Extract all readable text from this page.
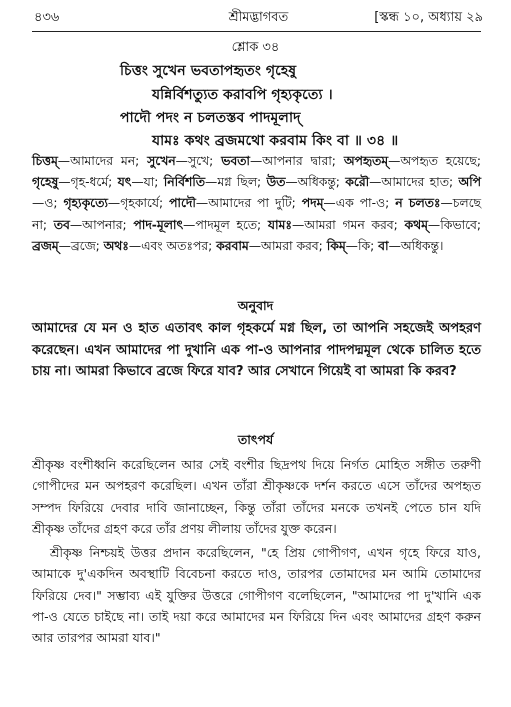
৪৩৬	শ্রীমদ্ভাগবত	[স্কন্ধ ১০, অধ্যায় ২৯
শ্লোক ৩৪
চিত্তং সুখেন ভবতাপহৃতং গৃহেষু
যন্নির্বিশত্যুত করাবপি গৃহ্যকৃত্যে ।
পাদৌ পদং ন চলতস্তব পাদমূলাদ্
যামঃ কথং ব্রজমথো করবাম কিং বা ॥ ৩৪ ॥
চিত্তম্—আমাদের মন; সুখেন—সুখে; ভবতা—আপনার দ্বারা; অপহৃতম্—অপহৃত হয়েছে; গৃহেষু—গৃহ-ধর্মে; যৎ—যা; নির্বিশতি—মগ্ন ছিল; উত—অধিকন্তু; করৌ—আমাদের হাত; অপি—ও; গৃহ্যকৃত্যে—গৃহকার্যে; পাদৌ—আমাদের পা দুটি; পদম্—এক পা-ও; ন চলতঃ—চলছে না; তব—আপনার; পাদ-মূলাৎ—পাদমূল হতে; যামঃ—আমরা গমন করব; কথম্—কিভাবে; ব্রজম্—ব্রজে; অথঃ—এবং অতঃপর; করবাম—আমরা করব; কিম্—কি; বা—অধিকন্তু।
অনুবাদ
আমাদের যে মন ও হাত এতাবৎ কাল গৃহকর্মে মগ্ন ছিল, তা আপনি সহজেই অপহরণ করেছেন। এখন আমাদের পা দুখানি এক পা-ও আপনার পাদপদ্মমূল থেকে চালিত হতে চায় না। আমরা কিভাবে ব্রজে ফিরে যাব? আর সেখানে গিয়েই বা আমরা কি করব?
তাৎপর্য

শ্রীকৃষ্ণ বংশীধ্বনি করেছিলেন আর সেই বংশীর ছিদ্রপথ দিয়ে নির্গত মোহিত সঙ্গীত তরুণী গোপীদের মন অপহরণ করেছিল। এখন তাঁরা শ্রীকৃষ্ণকে দর্শন করতে এসে তাঁদের অপহৃত সম্পদ ফিরিয়ে দেবার দাবি জানাচ্ছেন, কিন্তু তাঁরা তাঁদের মনকে তখনই পেতে চান যদি শ্রীকৃষ্ণ তাঁদের গ্রহণ করে তাঁর প্রণয় লীলায় তাঁদের যুক্ত করেন।

শ্রীকৃষ্ণ নিশ্চয়ই উত্তর প্রদান করেছিলেন, "হে প্রিয় গোপীগণ, এখন গৃহে ফিরে যাও, আমাকে দু'একদিন অবস্থাটি বিবেচনা করতে দাও, তারপর তোমাদের মন আমি তোমাদের ফিরিয়ে দেব।" সম্ভাব্য এই যুক্তির উত্তরে গোপীগণ বলেছিলেন, "আমাদের পা দু'খানি এক পা-ও যেতে চাইছে না। তাই দয়া করে আমাদের মন ফিরিয়ে দিন এবং আমাদের গ্রহণ করুন আর তারপর আমরা যাব।"
